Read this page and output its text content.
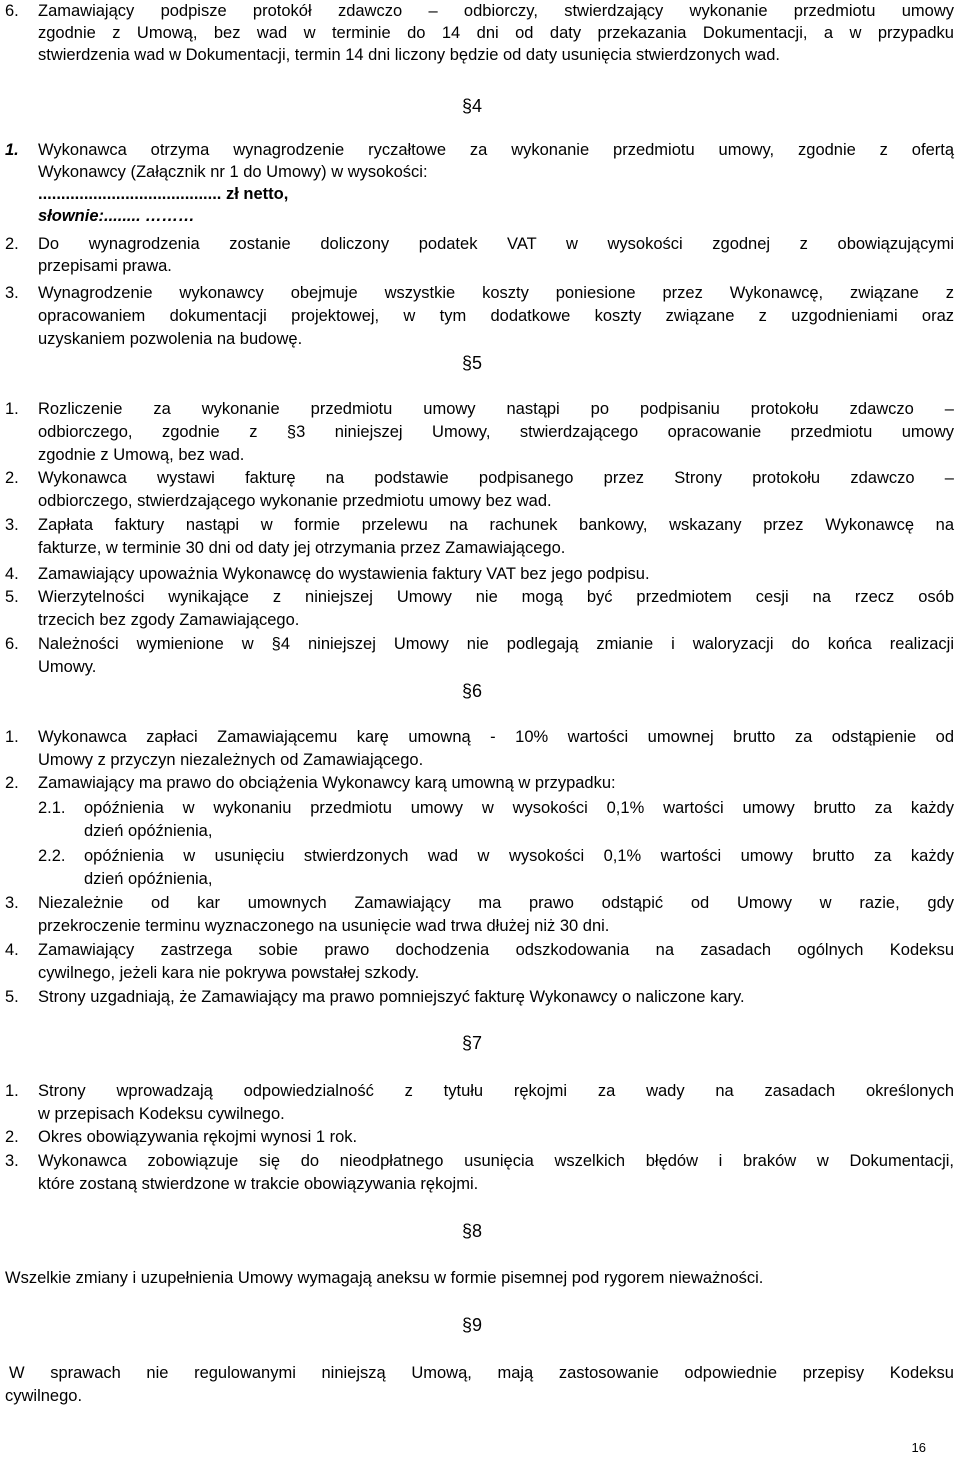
6. Zamawiający podpisze protokół zdawczo – odbiorczy, stwierdzający wykonanie przedmiotu umowy
zgodnie z Umową, bez wad w terminie do 14 dni od daty przekazania Dokumentacji, a w przypadku
stwierdzenia wad w Dokumentacji, termin 14 dni liczony będzie od daty usunięcia stwierdzonych wad.
§4
1. Wykonawca otrzyma wynagrodzenie ryczałtowe za wykonanie przedmiotu umowy, zgodnie z ofertą
Wykonawcy (Załącznik nr 1 do Umowy) w wysokości:
........................................ zł netto,
słownie:........ ………
2. Do wynagrodzenia zostanie doliczony podatek VAT w wysokości zgodnej z obowiązującymi
przepisami prawa.
3. Wynagrodzenie wykonawcy obejmuje wszystkie koszty poniesione przez Wykonawcę, związane z
opracowaniem dokumentacji projektowej, w tym dodatkowe koszty związane z uzgodnieniami oraz
uzyskaniem pozwolenia na budowę.
§5
1. Rozliczenie za wykonanie przedmiotu umowy nastąpi po podpisaniu protokołu zdawczo –
odbiorczego, zgodnie z §3 niniejszej Umowy, stwierdzającego opracowanie przedmiotu umowy
zgodnie z Umową, bez wad.
2. Wykonawca wystawi fakturę na podstawie podpisanego przez Strony protokołu zdawczo –
odbiorczego, stwierdzającego wykonanie przedmiotu umowy bez wad.
3. Zapłata faktury nastąpi w formie przelewu na rachunek bankowy, wskazany przez Wykonawcę na
fakturze, w terminie 30 dni od daty jej otrzymania przez Zamawiającego.
4. Zamawiający upoważnia Wykonawcę do wystawienia faktury VAT bez jego podpisu.
5. Wierzytelności wynikające z niniejszej Umowy nie mogą być przedmiotem cesji na rzecz osób
trzecich bez zgody Zamawiającego.
6. Należności wymienione w §4 niniejszej Umowy nie podlegają zmianie i waloryzacji do końca realizacji
Umowy.
§6
1. Wykonawca zapłaci Zamawiającemu karę umowną - 10% wartości umownej brutto za odstąpienie od
Umowy z przyczyn niezależnych od Zamawiającego.
2. Zamawiający ma prawo do obciążenia Wykonawcy karą umowną w przypadku:
2.1. opóźnienia w wykonaniu przedmiotu umowy w wysokości 0,1% wartości umowy brutto za każdy
dzień opóźnienia,
2.2. opóźnienia w usunięciu stwierdzonych wad w wysokości 0,1% wartości umowy brutto za każdy
dzień opóźnienia,
3. Niezależnie od kar umownych Zamawiający ma prawo odstąpić od Umowy w razie, gdy
przekroczenie terminu wyznaczonego na usunięcie wad trwa dłużej niż 30 dni.
4. Zamawiający zastrzega sobie prawo dochodzenia odszkodowania na zasadach ogólnych Kodeksu
cywilnego, jeżeli kara nie pokrywa powstałej szkody.
5. Strony uzgadniają, że Zamawiający ma prawo pomniejszyć fakturę Wykonawcy o naliczone kary.
§7
1. Strony wprowadzają odpowiedzialność z tytułu rękojmi za wady na zasadach określonych
w przepisach Kodeksu cywilnego.
2. Okres obowiązywania rękojmi wynosi 1 rok.
3. Wykonawca zobowiązuje się do nieodpłatnego usunięcia wszelkich błędów i braków w Dokumentacji,
które zostaną stwierdzone w trakcie obowiązywania rękojmi.
§8
Wszelkie zmiany i uzupełnienia Umowy wymagają aneksu w formie pisemnej pod rygorem nieważności.
§9
W sprawach nie regulowanymi niniejszą Umową, mają zastosowanie odpowiednie przepisy Kodeksu
cywilnego.
16
